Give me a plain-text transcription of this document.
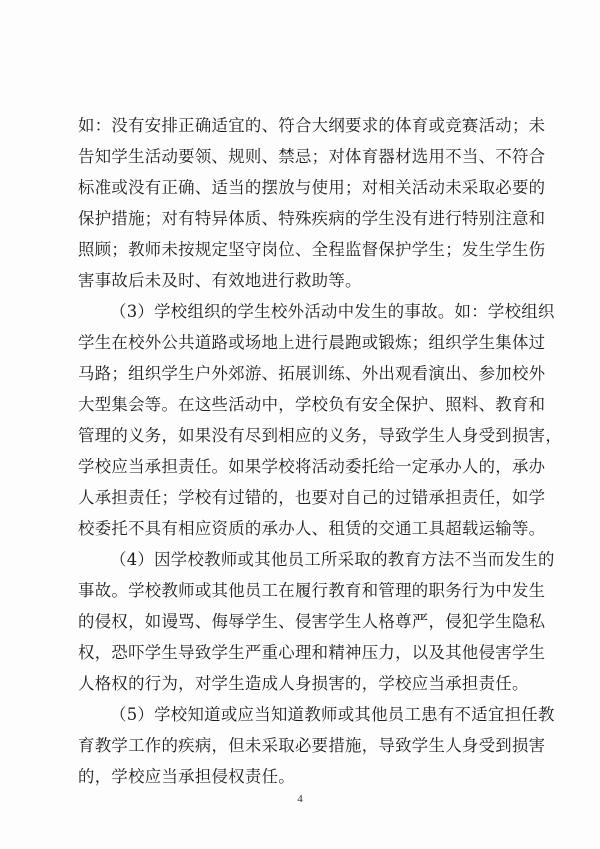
如：没有安排正确适宜的、符合大纲要求的体育或竞赛活动；未
告知学生活动要领、规则、禁忌；对体育器材选用不当、不符合
标准或没有正确、适当的摆放与使用；对相关活动未采取必要的
保护措施；对有特异体质、特殊疾病的学生没有进行特别注意和
照顾；教师未按规定坚守岗位、全程监督保护学生；发生学生伤
害事故后未及时、有效地进行救助等。
（3）学校组织的学生校外活动中发生的事故。如：学校组织
学生在校外公共道路或场地上进行晨跑或锻炼；组织学生集体过
马路；组织学生户外郊游、拓展训练、外出观看演出、参加校外
大型集会等。在这些活动中，学校负有安全保护、照料、教育和
管理的义务，如果没有尽到相应的义务，导致学生人身受到损害，
学校应当承担责任。如果学校将活动委托给一定承办人的，承办
人承担责任；学校有过错的，也要对自己的过错承担责任，如学
校委托不具有相应资质的承办人、租赁的交通工具超载运输等。
（4）因学校教师或其他员工所采取的教育方法不当而发生的
事故。学校教师或其他员工在履行教育和管理的职务行为中发生
的侵权，如谩骂、侮辱学生、侵害学生人格尊严，侵犯学生隐私
权，恐吓学生导致学生严重心理和精神压力，以及其他侵害学生
人格权的行为，对学生造成人身损害的，学校应当承担责任。
（5）学校知道或应当知道教师或其他员工患有不适宜担任教
育教学工作的疾病，但未采取必要措施，导致学生人身受到损害
的，学校应当承担侵权责任。
4
